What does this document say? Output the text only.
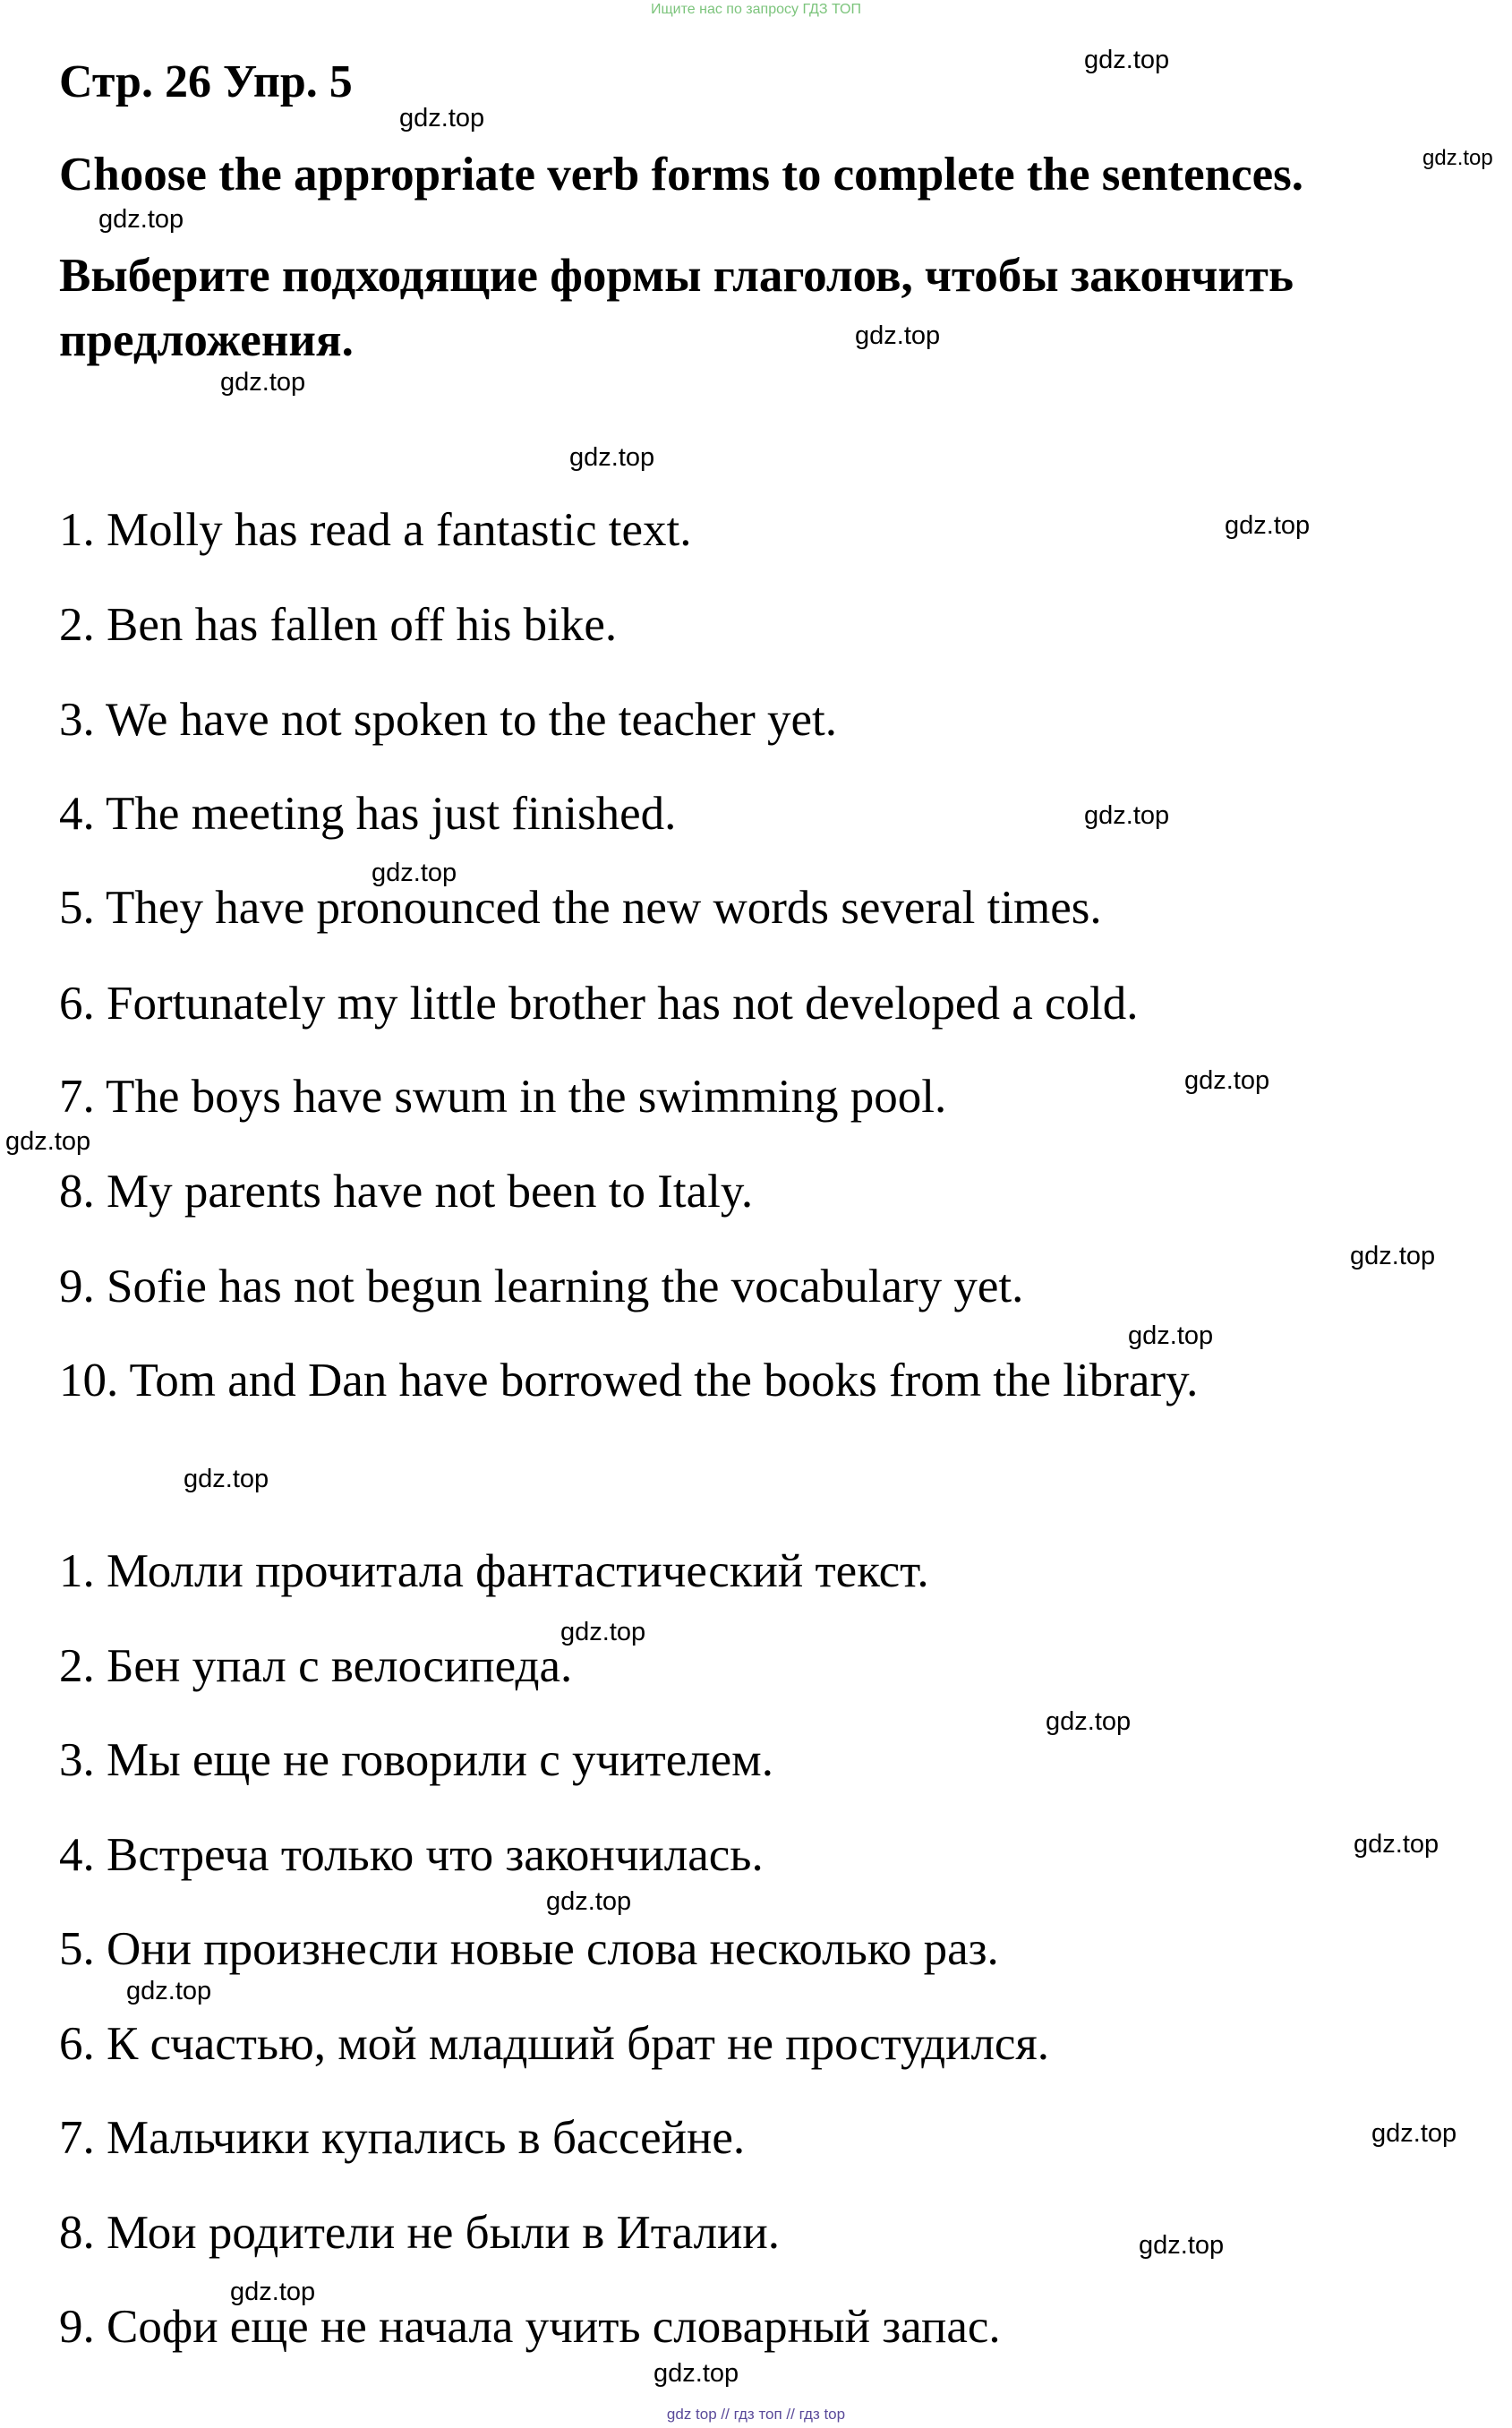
Ищите нас по запросу ГДЗ ТОП
Стр. 26 Упр. 5
Choose the appropriate verb forms to complete the sentences.
Выберите подходящие формы глаголов, чтобы закончить предложения.
1. Molly has read a fantastic text.
2. Ben has fallen off his bike.
3. We have not spoken to the teacher yet.
4. The meeting has just finished.
5. They have pronounced the new words several times.
6. Fortunately my little brother has not developed a cold.
7. The boys have swum in the swimming pool.
8. My parents have not been to Italy.
9. Sofie has not begun learning the vocabulary yet.
10. Tom and Dan have borrowed the books from the library.
1. Молли прочитала фантастический текст.
2. Бен упал с велосипеда.
3. Мы еще не говорили с учителем.
4. Встреча только что закончилась.
5. Они произнесли новые слова несколько раз.
6. К счастью, мой младший брат не простудился.
7. Мальчики купались в бассейне.
8. Мои родители не были в Италии.
9. Софи еще не начала учить словарный запас.
gdz.top
gdz.top
gdz.top
gdz.top
gdz.top
gdz.top
gdz.top
gdz.top
gdz.top
gdz.top
gdz.top
gdz.top
gdz.top
gdz.top
gdz.top
gdz.top
gdz.top
gdz.top
gdz.top
gdz.top
gdz.top
gdz.top
gdz.top
gdz.top
gdz top // гдз топ // гдз top
